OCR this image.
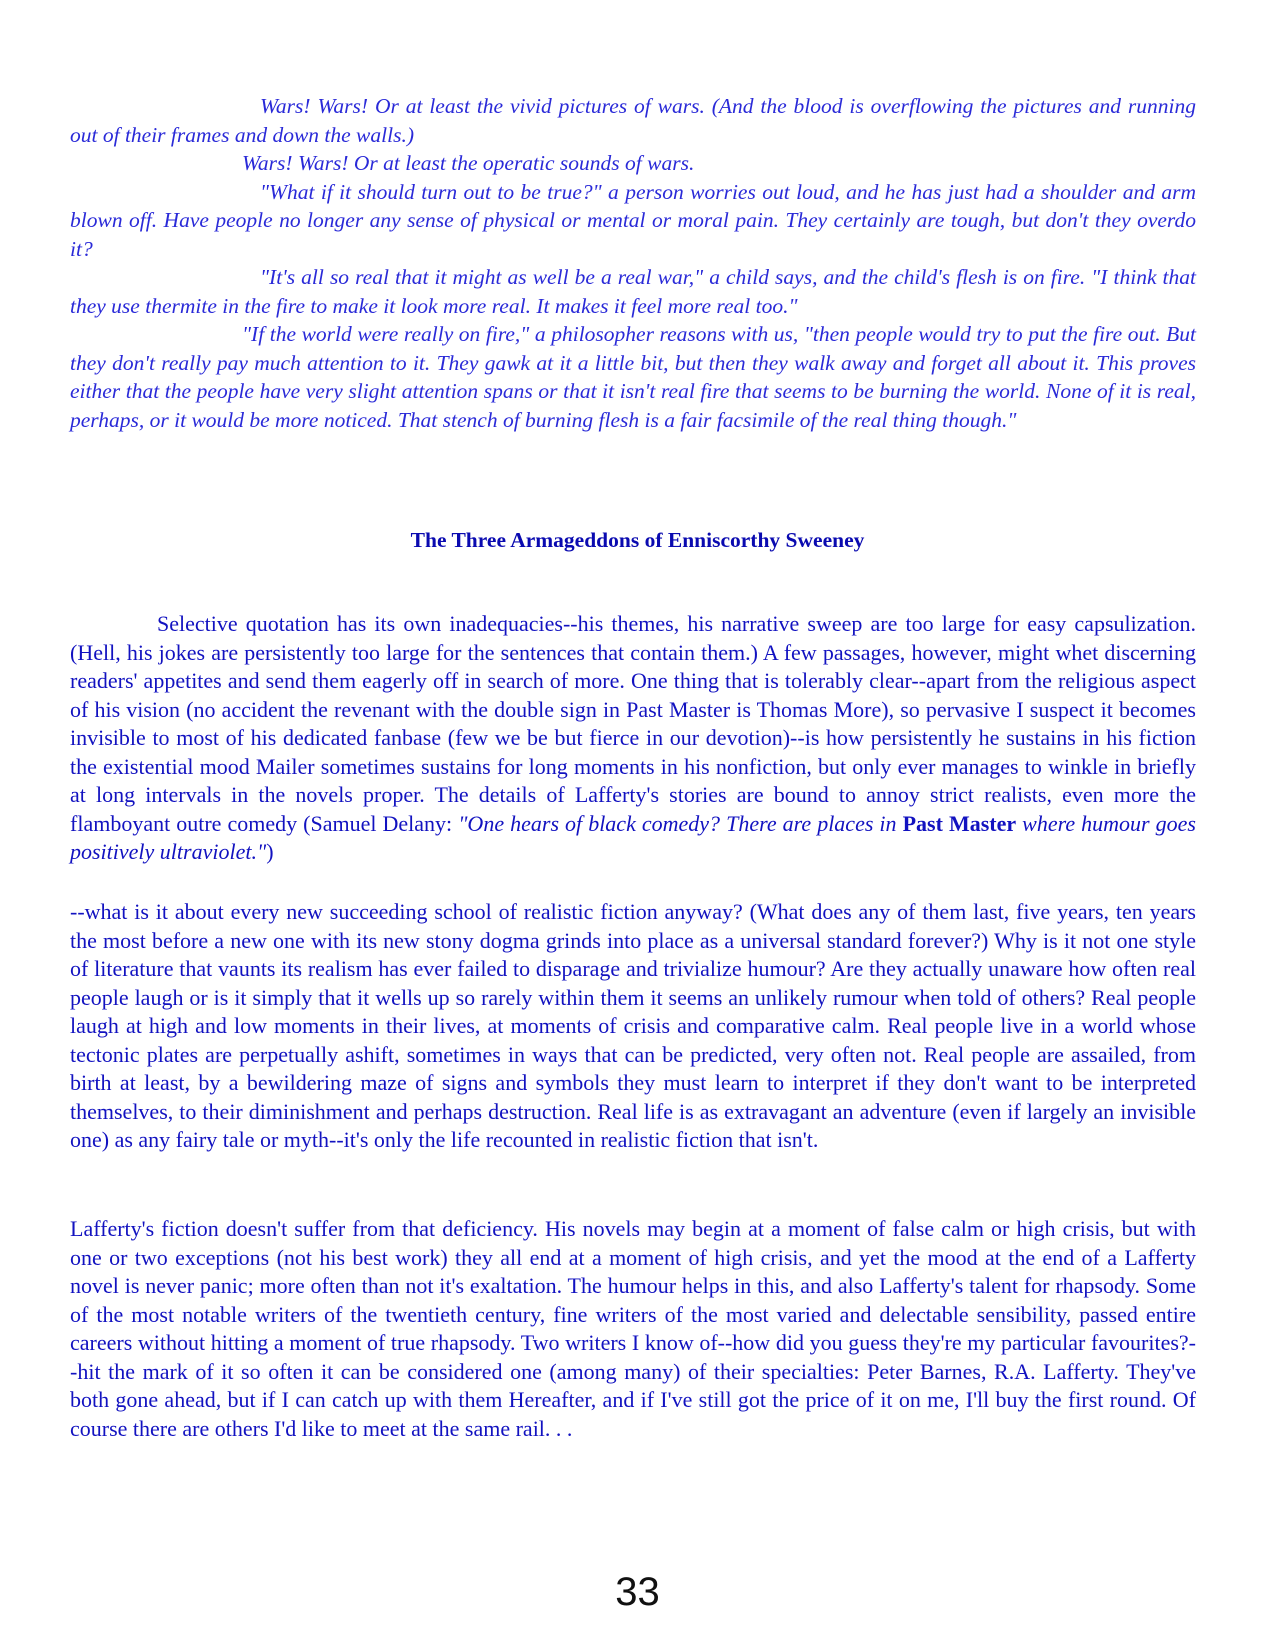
Wars! Wars! Or at least the vivid pictures of wars. (And the blood is overflowing the pictures and running out of their frames and down the walls.)

Wars! Wars! Or at least the operatic sounds of wars.

"What if it should turn out to be true?" a person worries out loud, and he has just had a shoulder and arm blown off. Have people no longer any sense of physical or mental or moral pain. They certainly are tough, but don't they overdo it?

"It's all so real that it might as well be a real war," a child says, and the child's flesh is on fire. "I think that they use thermite in the fire to make it look more real. It makes it feel more real too."

"If the world were really on fire," a philosopher reasons with us, "then people would try to put the fire out. But they don't really pay much attention to it. They gawk at it a little bit, but then they walk away and forget all about it. This proves either that the people have very slight attention spans or that it isn't real fire that seems to be burning the world. None of it is real, perhaps, or it would be more noticed. That stench of burning flesh is a fair facsimile of the real thing though."

The Three Armageddons of Enniscorthy Sweeney

Selective quotation has its own inadequacies--his themes, his narrative sweep are too large for easy capsulization. (Hell, his jokes are persistently too large for the sentences that contain them.) A few passages, however, might whet discerning readers' appetites and send them eagerly off in search of more. One thing that is tolerably clear--apart from the religious aspect of his vision (no accident the revenant with the double sign in Past Master is Thomas More), so pervasive I suspect it becomes invisible to most of his dedicated fanbase (few we be but fierce in our devotion)--is how persistently he sustains in his fiction the existential mood Mailer sometimes sustains for long moments in his nonfiction, but only ever manages to winkle in briefly at long intervals in the novels proper. The details of Lafferty's stories are bound to annoy strict realists, even more the flamboyant outre comedy (Samuel Delany: "One hears of black comedy? There are places in Past Master where humour goes positively ultraviolet.")

--what is it about every new succeeding school of realistic fiction anyway? (What does any of them last, five years, ten years the most before a new one with its new stony dogma grinds into place as a universal standard forever?) Why is it not one style of literature that vaunts its realism has ever failed to disparage and trivialize humour? Are they actually unaware how often real people laugh or is it simply that it wells up so rarely within them it seems an unlikely rumour when told of others? Real people laugh at high and low moments in their lives, at moments of crisis and comparative calm. Real people live in a world whose tectonic plates are perpetually ashift, sometimes in ways that can be predicted, very often not. Real people are assailed, from birth at least, by a bewildering maze of signs and symbols they must learn to interpret if they don't want to be interpreted themselves, to their diminishment and perhaps destruction. Real life is as extravagant an adventure (even if largely an invisible one) as any fairy tale or myth--it's only the life recounted in realistic fiction that isn't.

Lafferty's fiction doesn't suffer from that deficiency. His novels may begin at a moment of false calm or high crisis, but with one or two exceptions (not his best work) they all end at a moment of high crisis, and yet the mood at the end of a Lafferty novel is never panic; more often than not it's exaltation. The humour helps in this, and also Lafferty's talent for rhapsody. Some of the most notable writers of the twentieth century, fine writers of the most varied and delectable sensibility, passed entire careers without hitting a moment of true rhapsody. Two writers I know of--how did you guess they're my particular favourites?--hit the mark of it so often it can be considered one (among many) of their specialties: Peter Barnes, R.A. Lafferty. They've both gone ahead, but if I can catch up with them Hereafter, and if I've still got the price of it on me, I'll buy the first round. Of course there are others I'd like to meet at the same rail. . .

33
